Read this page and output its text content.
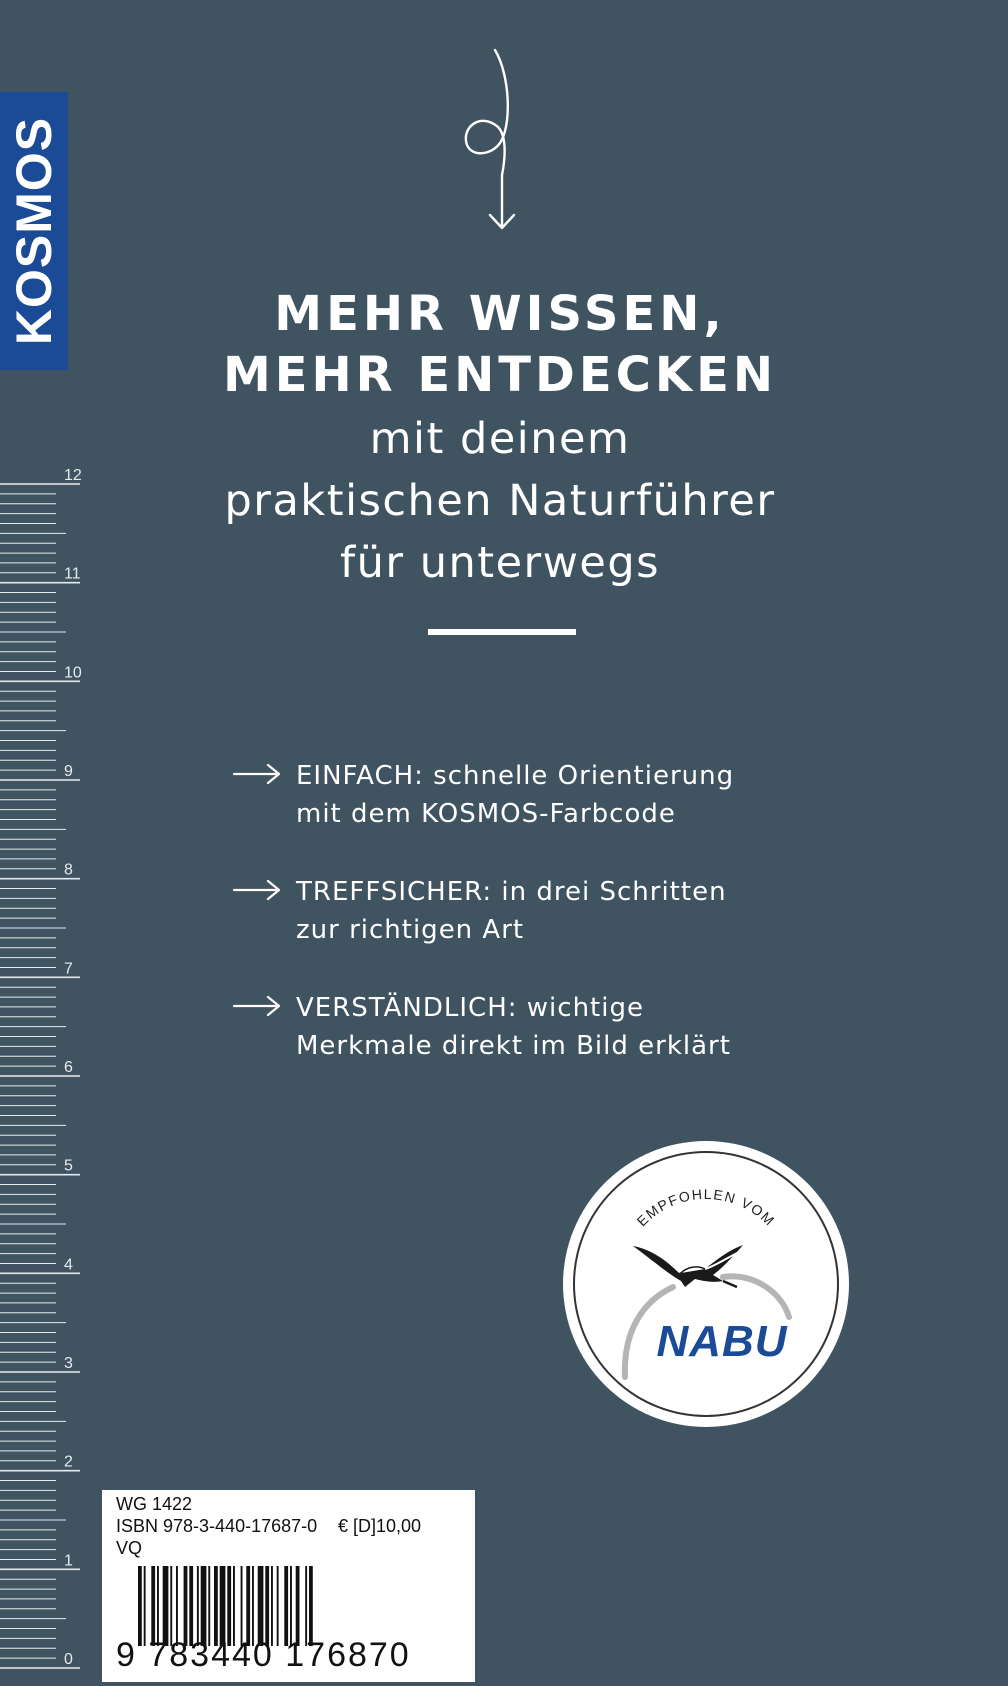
KOSMOS	MEHR WISSEN,
MEHR ENTDECKEN
mit deinem
praktischen Naturführer
für unterwegs
EINFACH: schnelle Orientierung
mit dem KOSMOS-Farbcode
TREFFSICHER: in drei Schritten
zur richtigen Art
VERSTÄNDLICH: wichtige
Merkmale direkt im Bild erklärt
EMPFOHLEN VOM
NABU
12
11
10
9
8
7
6
5
4
3
2
1
0
WG 1422
ISBN 978-3-440-17687-0 € [D]10,00
VQ
9 783440 176870 kosmos.de
